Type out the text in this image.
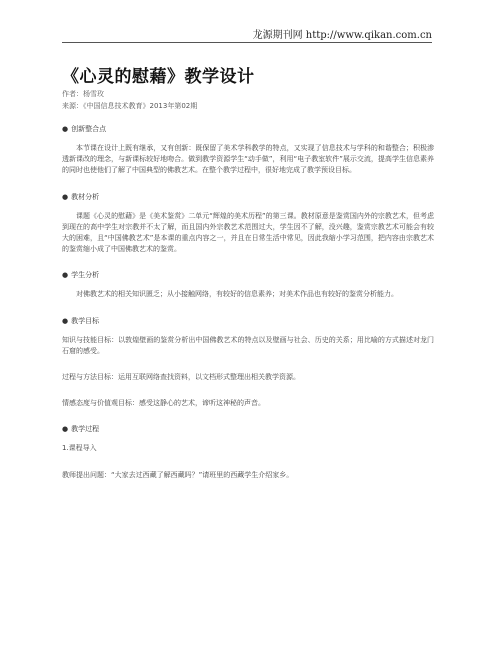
龙源期刊网 http://www.qikan.com.cn
《心灵的慰藉》教学设计
作者：杨雪玫
来源：《中国信息技术教育》2013年第02期
● 创新整合点

本节课在设计上既有继承，又有创新：既保留了美术学科教学的特点，又实现了信息技术与学科的和谐整合；积极渗透新课改的理念，与新课标较好地吻合。做到教学资源学生“动手做”，利用“电子教室软件”展示交流，提高学生信息素养的同时也使他们了解了中国典型的佛教艺术。在整个教学过程中，很好地完成了教学预设目标。

● 教材分析

课题《心灵的慰藉》是《美术鉴赏》二单元“辉煌的美术历程”的第三课。教材原意是鉴赏国内外的宗教艺术，但考虑到现在的高中学生对宗教并不太了解，而且国内外宗教艺术范围过大，学生因不了解，没兴趣，鉴赏宗教艺术可能会有较大的困难，且“中国佛教艺术”是本课的重点内容之一，并且在日常生活中常见，因此我缩小学习范围，把内容由宗教艺术的鉴赏缩小成了中国佛教艺术的鉴赏。

● 学生分析

对佛教艺术的相关知识匮乏；从小接触网络，有较好的信息素养；对美术作品也有较好的鉴赏分析能力。

● 教学目标

知识与技能目标：以敦煌壁画的鉴赏分析出中国佛教艺术的特点以及壁画与社会、历史的关系；用比喻的方式描述对龙门石窟的感受。

过程与方法目标：运用互联网络查找资料，以文档形式整理出相关教学资源。

情感态度与价值观目标：感受这静心的艺术，谛听这神秘的声音。

● 教学过程

1.课程导入

教师提出问题：“大家去过西藏了解西藏吗？”请班里的西藏学生介绍家乡。
